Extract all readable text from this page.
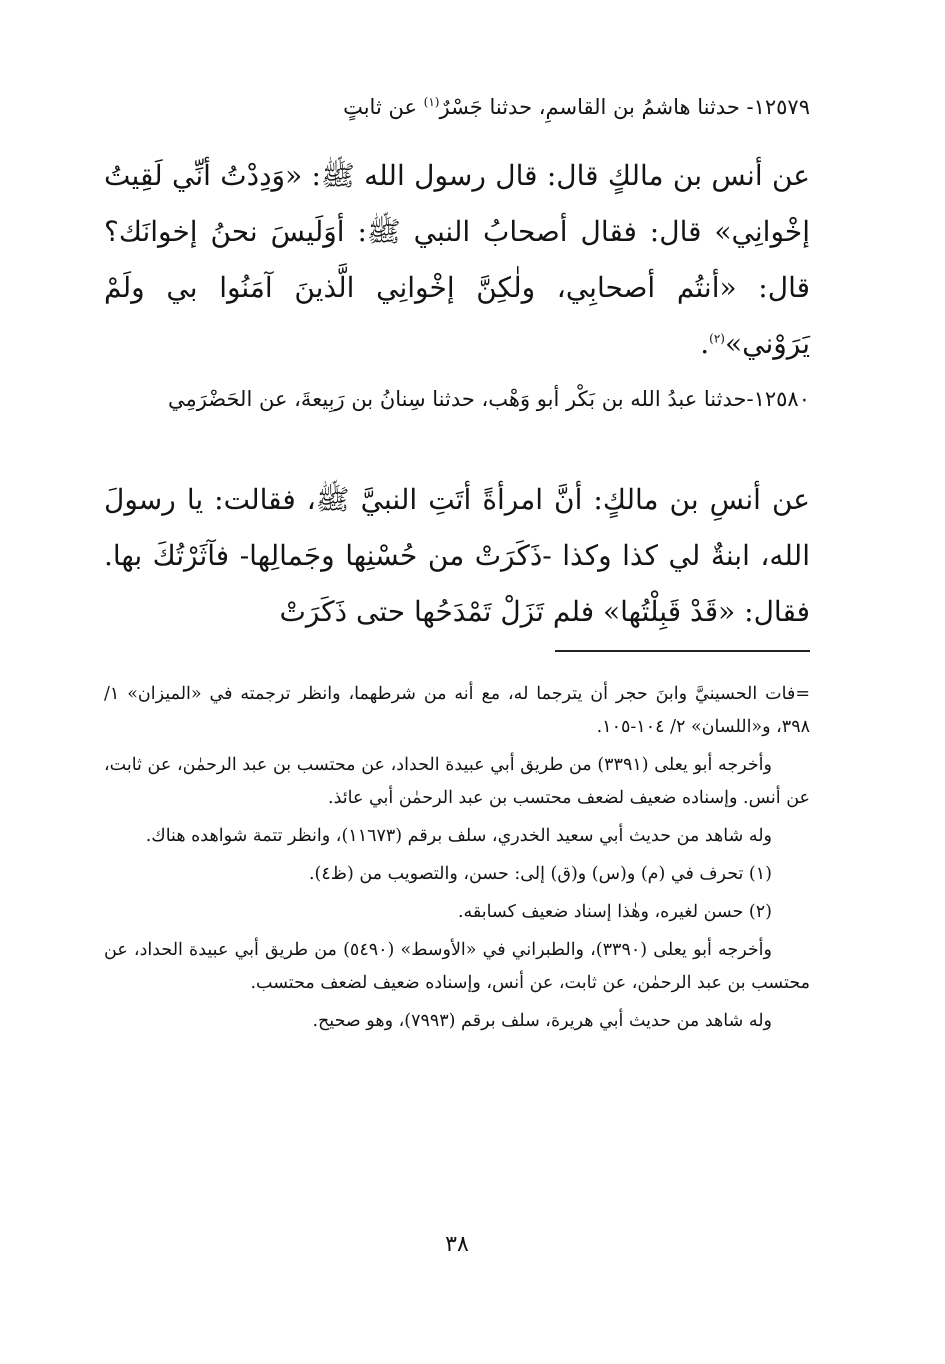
١٢٥٧٩- حدثنا هاشمُ بن القاسمِ، حدثنا جَسْرٌ$^{(١)}$ عن ثابتٍ

عن أنس بن مالكٍ قال: قال رسول الله ﷺ: «وَدِدْتُ أنِّي لَقِيتُ إخْوانِي» قال: فقال أصحابُ النبي ﷺ: أوَلَيسَ نحنُ إخوانَك؟ قال: «أنتُم أصحابِي، ولٰكِنَّ إخْوانِي الَّذينَ آمَنُوا بي ولَمْ يَرَوْني»$^{(٢)}$.

١٢٥٨٠-حدثنا عبدُ الله بن بَكْر أبو وَهْب، حدثنا سِنانُ بن رَبِيعةَ، عن الحَضْرَمِي

عن أنسِ بن مالكٍ: أنَّ امرأةً أتَتِ النبيَّ ﷺ، فقالت: يا رسولَ الله، ابنةٌ لي كذا وكذا -ذَكَرَتْ من حُسْنِها وجَمالِها- فآثَرْتُكَ بها. فقال: «قَدْ قَبِلْتُها» فلم تَزَلْ تَمْدَحُها حتى ذَكَرَتْ

=فات الحسينيَّ وابنَ حجر أن يترجما له، مع أنه من شرطهما، وانظر ترجمته في «الميزان» ١/ ٣٩٨، و«اللسان» ٢/ ١٠٤-١٠٥.

وأخرجه أبو يعلى (٣٣٩١) من طريق أبي عبيدة الحداد، عن محتسب بن عبد الرحمٰن، عن ثابت، عن أنس. وإسناده ضعيف لضعف محتسب بن عبد الرحمٰن أبي عائذ.

وله شاهد من حديث أبي سعيد الخدري، سلف برقم (١١٦٧٣)، وانظر تتمة شواهده هناك.

(١) تحرف في (م) و(س) و(ق) إلى: حسن، والتصويب من (ظ٤).

(٢) حسن لغيره، وهٰذا إسناد ضعيف كسابقه.

وأخرجه أبو يعلى (٣٣٩٠)، والطبراني في «الأوسط» (٥٤٩٠) من طريق أبي عبيدة الحداد، عن محتسب بن عبد الرحمٰن، عن ثابت، عن أنس، وإسناده ضعيف لضعف محتسب.

وله شاهد من حديث أبي هريرة، سلف برقم (٧٩٩٣)، وهو صحيح.

٣٨
